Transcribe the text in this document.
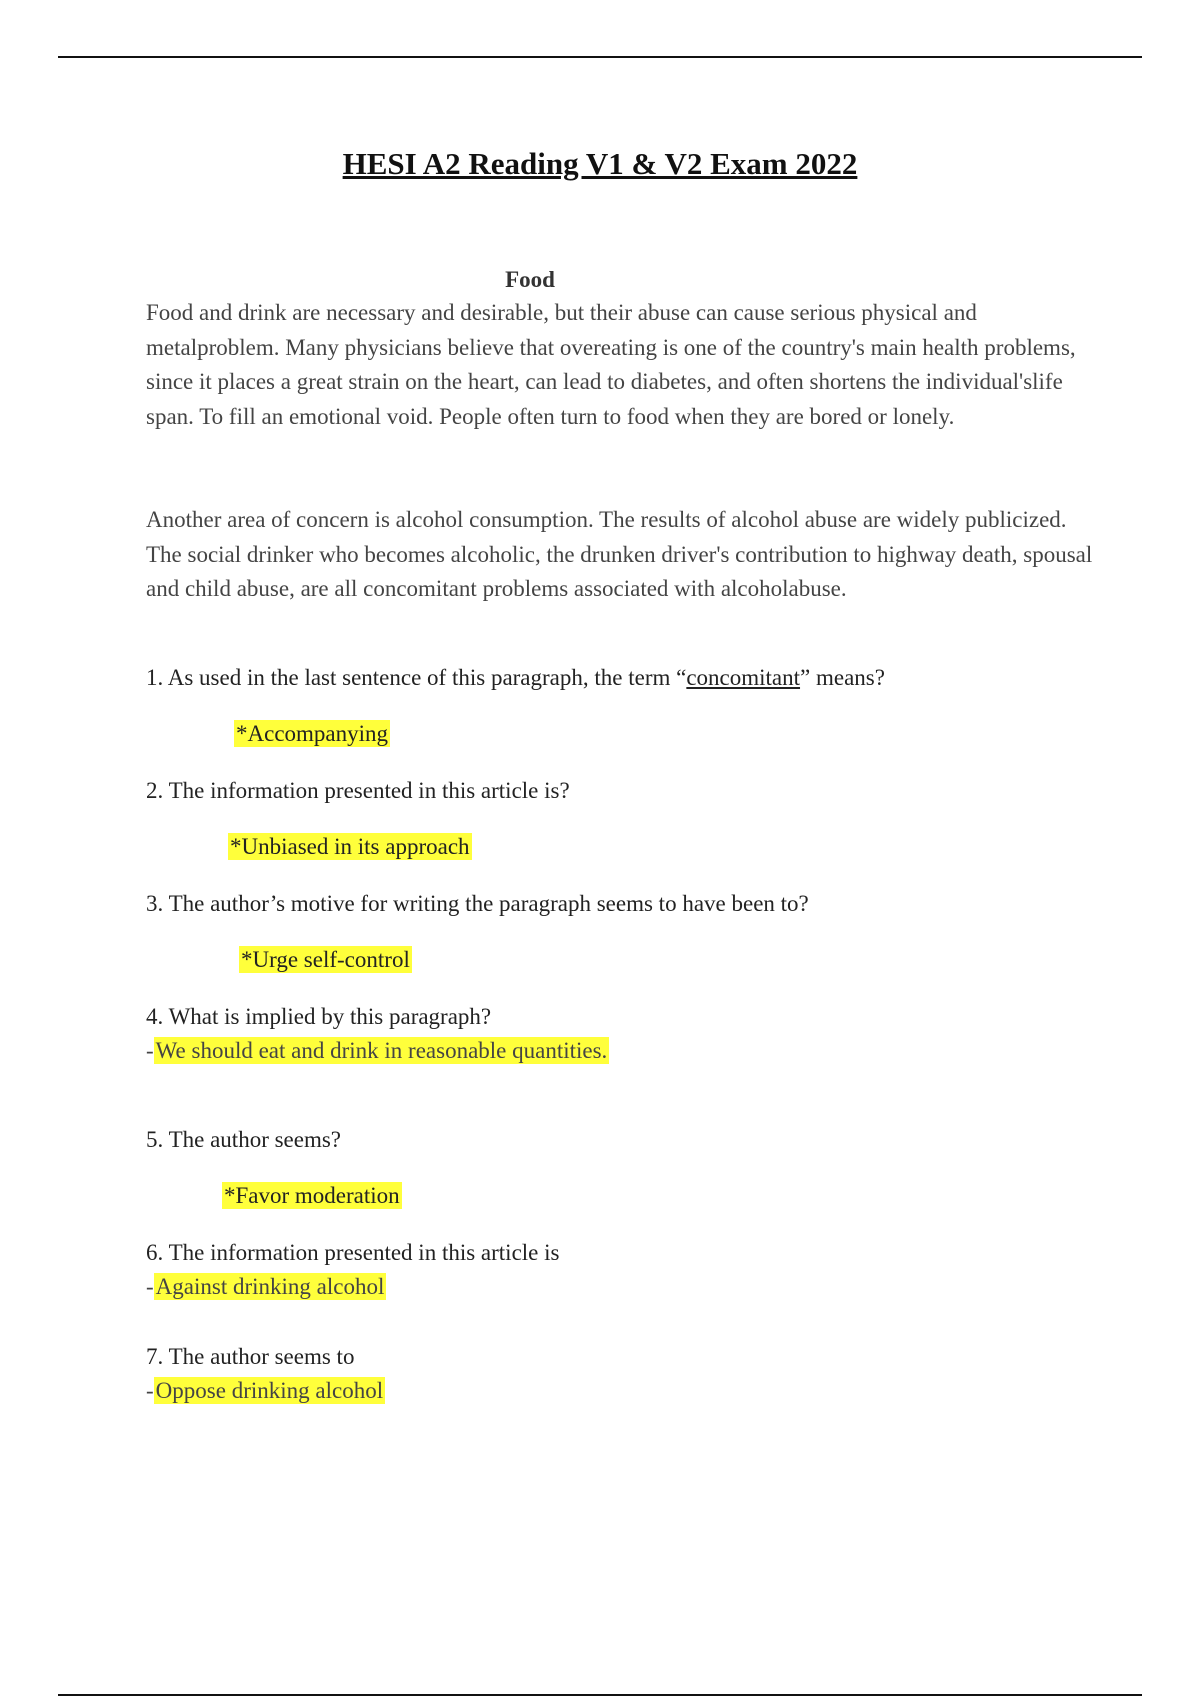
HESI A2 Reading V1 & V2 Exam 2022
Food

Food and drink are necessary and desirable, but their abuse can cause serious physical and metalproblem. Many physicians believe that overeating is one of the country's main health problems, since it places a great strain on the heart, can lead to diabetes, and often shortens the individual'slife span. To fill an emotional void. People often turn to food when they are bored or lonely.

Another area of concern is alcohol consumption. The results of alcohol abuse are widely publicized. The social drinker who becomes alcoholic, the drunken driver's contribution to highway death, spousal and child abuse, are all concomitant problems associated with alcoholabuse.

1. As used in the last sentence of this paragraph, the term “concomitant” means?
*Accompanying
2. The information presented in this article is?
*Unbiased in its approach
3. The author’s motive for writing the paragraph seems to have been to?
*Urge self-control
4. What is implied by this paragraph?
-We should eat and drink in reasonable quantities.
5. The author seems?
*Favor moderation
6. The information presented in this article is
-Against drinking alcohol
7. The author seems to
-Oppose drinking alcohol
